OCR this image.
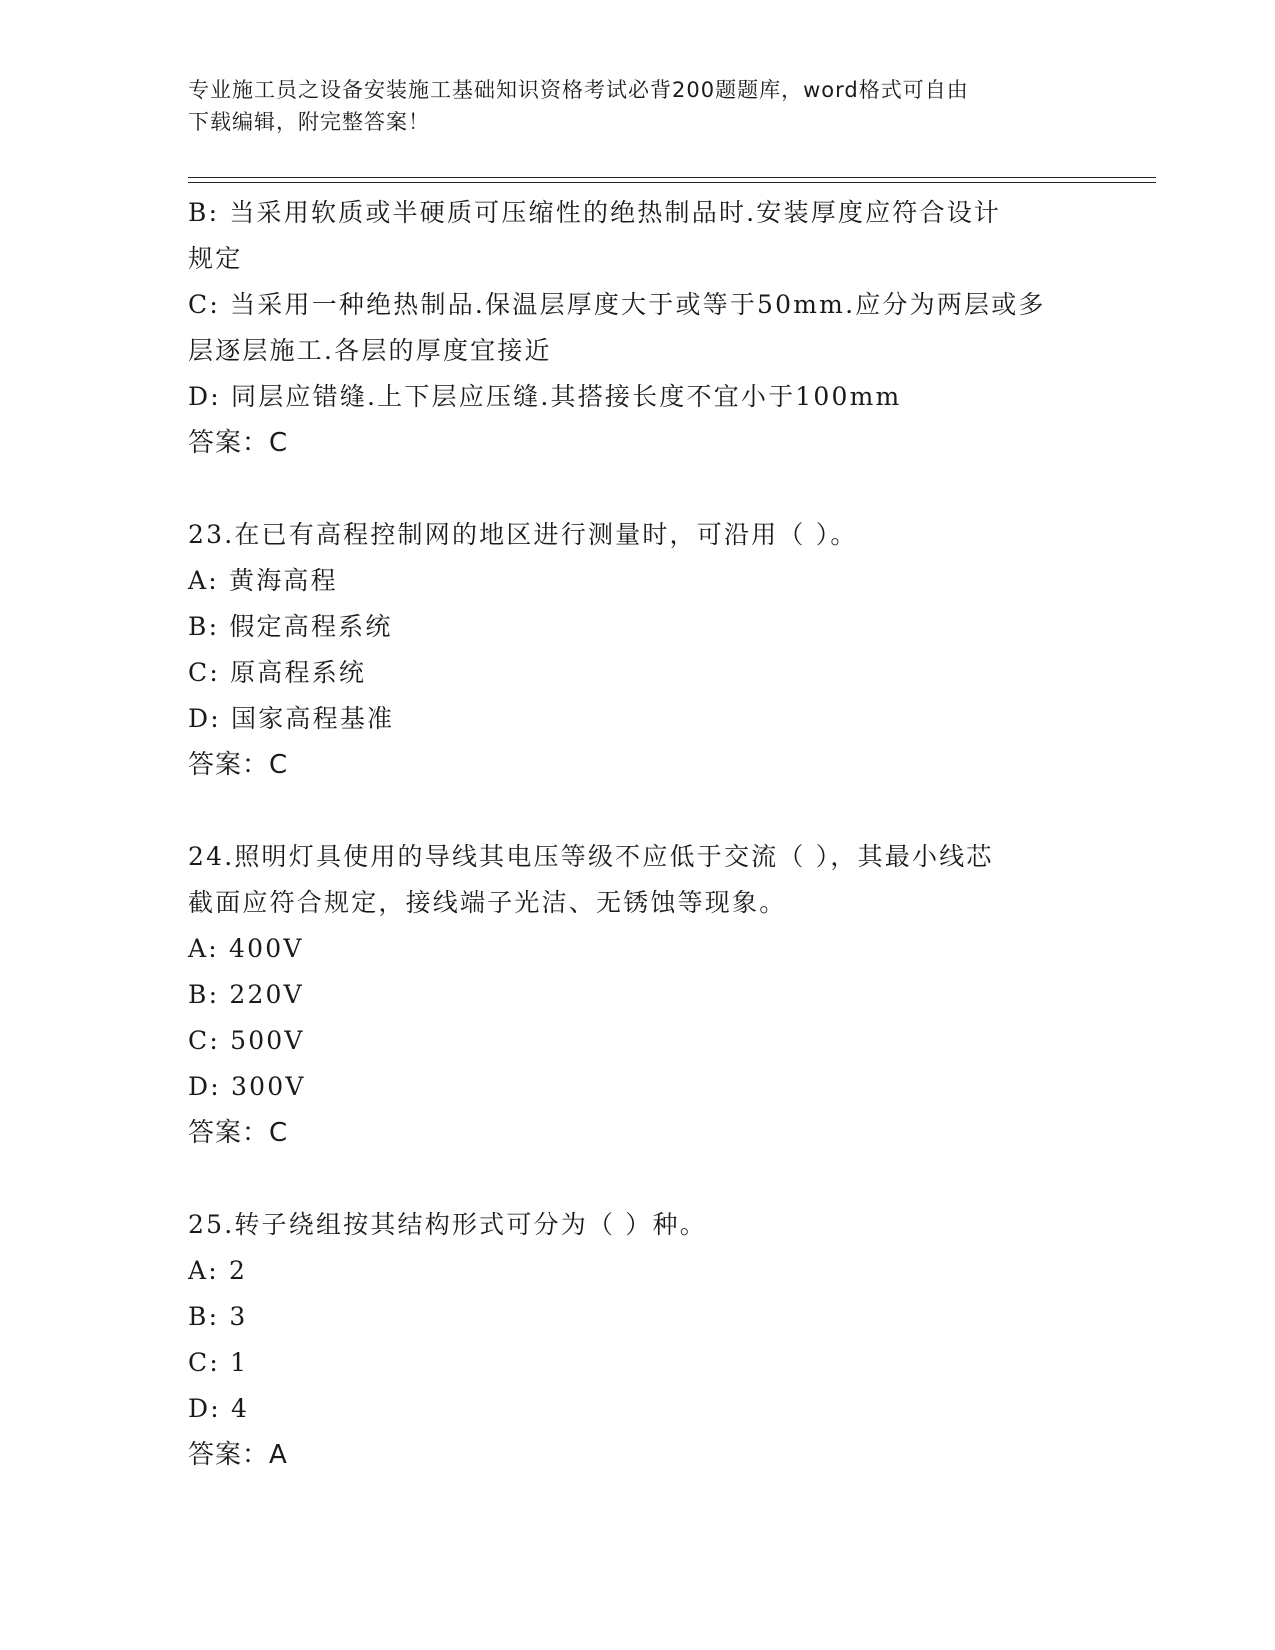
专业施工员之设备安装施工基础知识资格考试必背200题题库，word格式可自由
下载编辑，附完整答案！
B: 当采用软质或半硬质可压缩性的绝热制品时.安装厚度应符合设计
规定
C: 当采用一种绝热制品.保温层厚度大于或等于50mm.应分为两层或多
层逐层施工.各层的厚度宜接近
D: 同层应错缝.上下层应压缝.其搭接长度不宜小于100mm
答案：C
23.在已有高程控制网的地区进行测量时，可沿用（ ）。
A: 黄海高程
B: 假定高程系统
C: 原高程系统
D: 国家高程基准
答案：C
24.照明灯具使用的导线其电压等级不应低于交流（ ），其最小线芯
截面应符合规定，接线端子光洁、无锈蚀等现象。
A: 400V
B: 220V
C: 500V
D: 300V
答案：C
25.转子绕组按其结构形式可分为（ ）种。
A: 2
B: 3
C: 1
D: 4
答案：A
